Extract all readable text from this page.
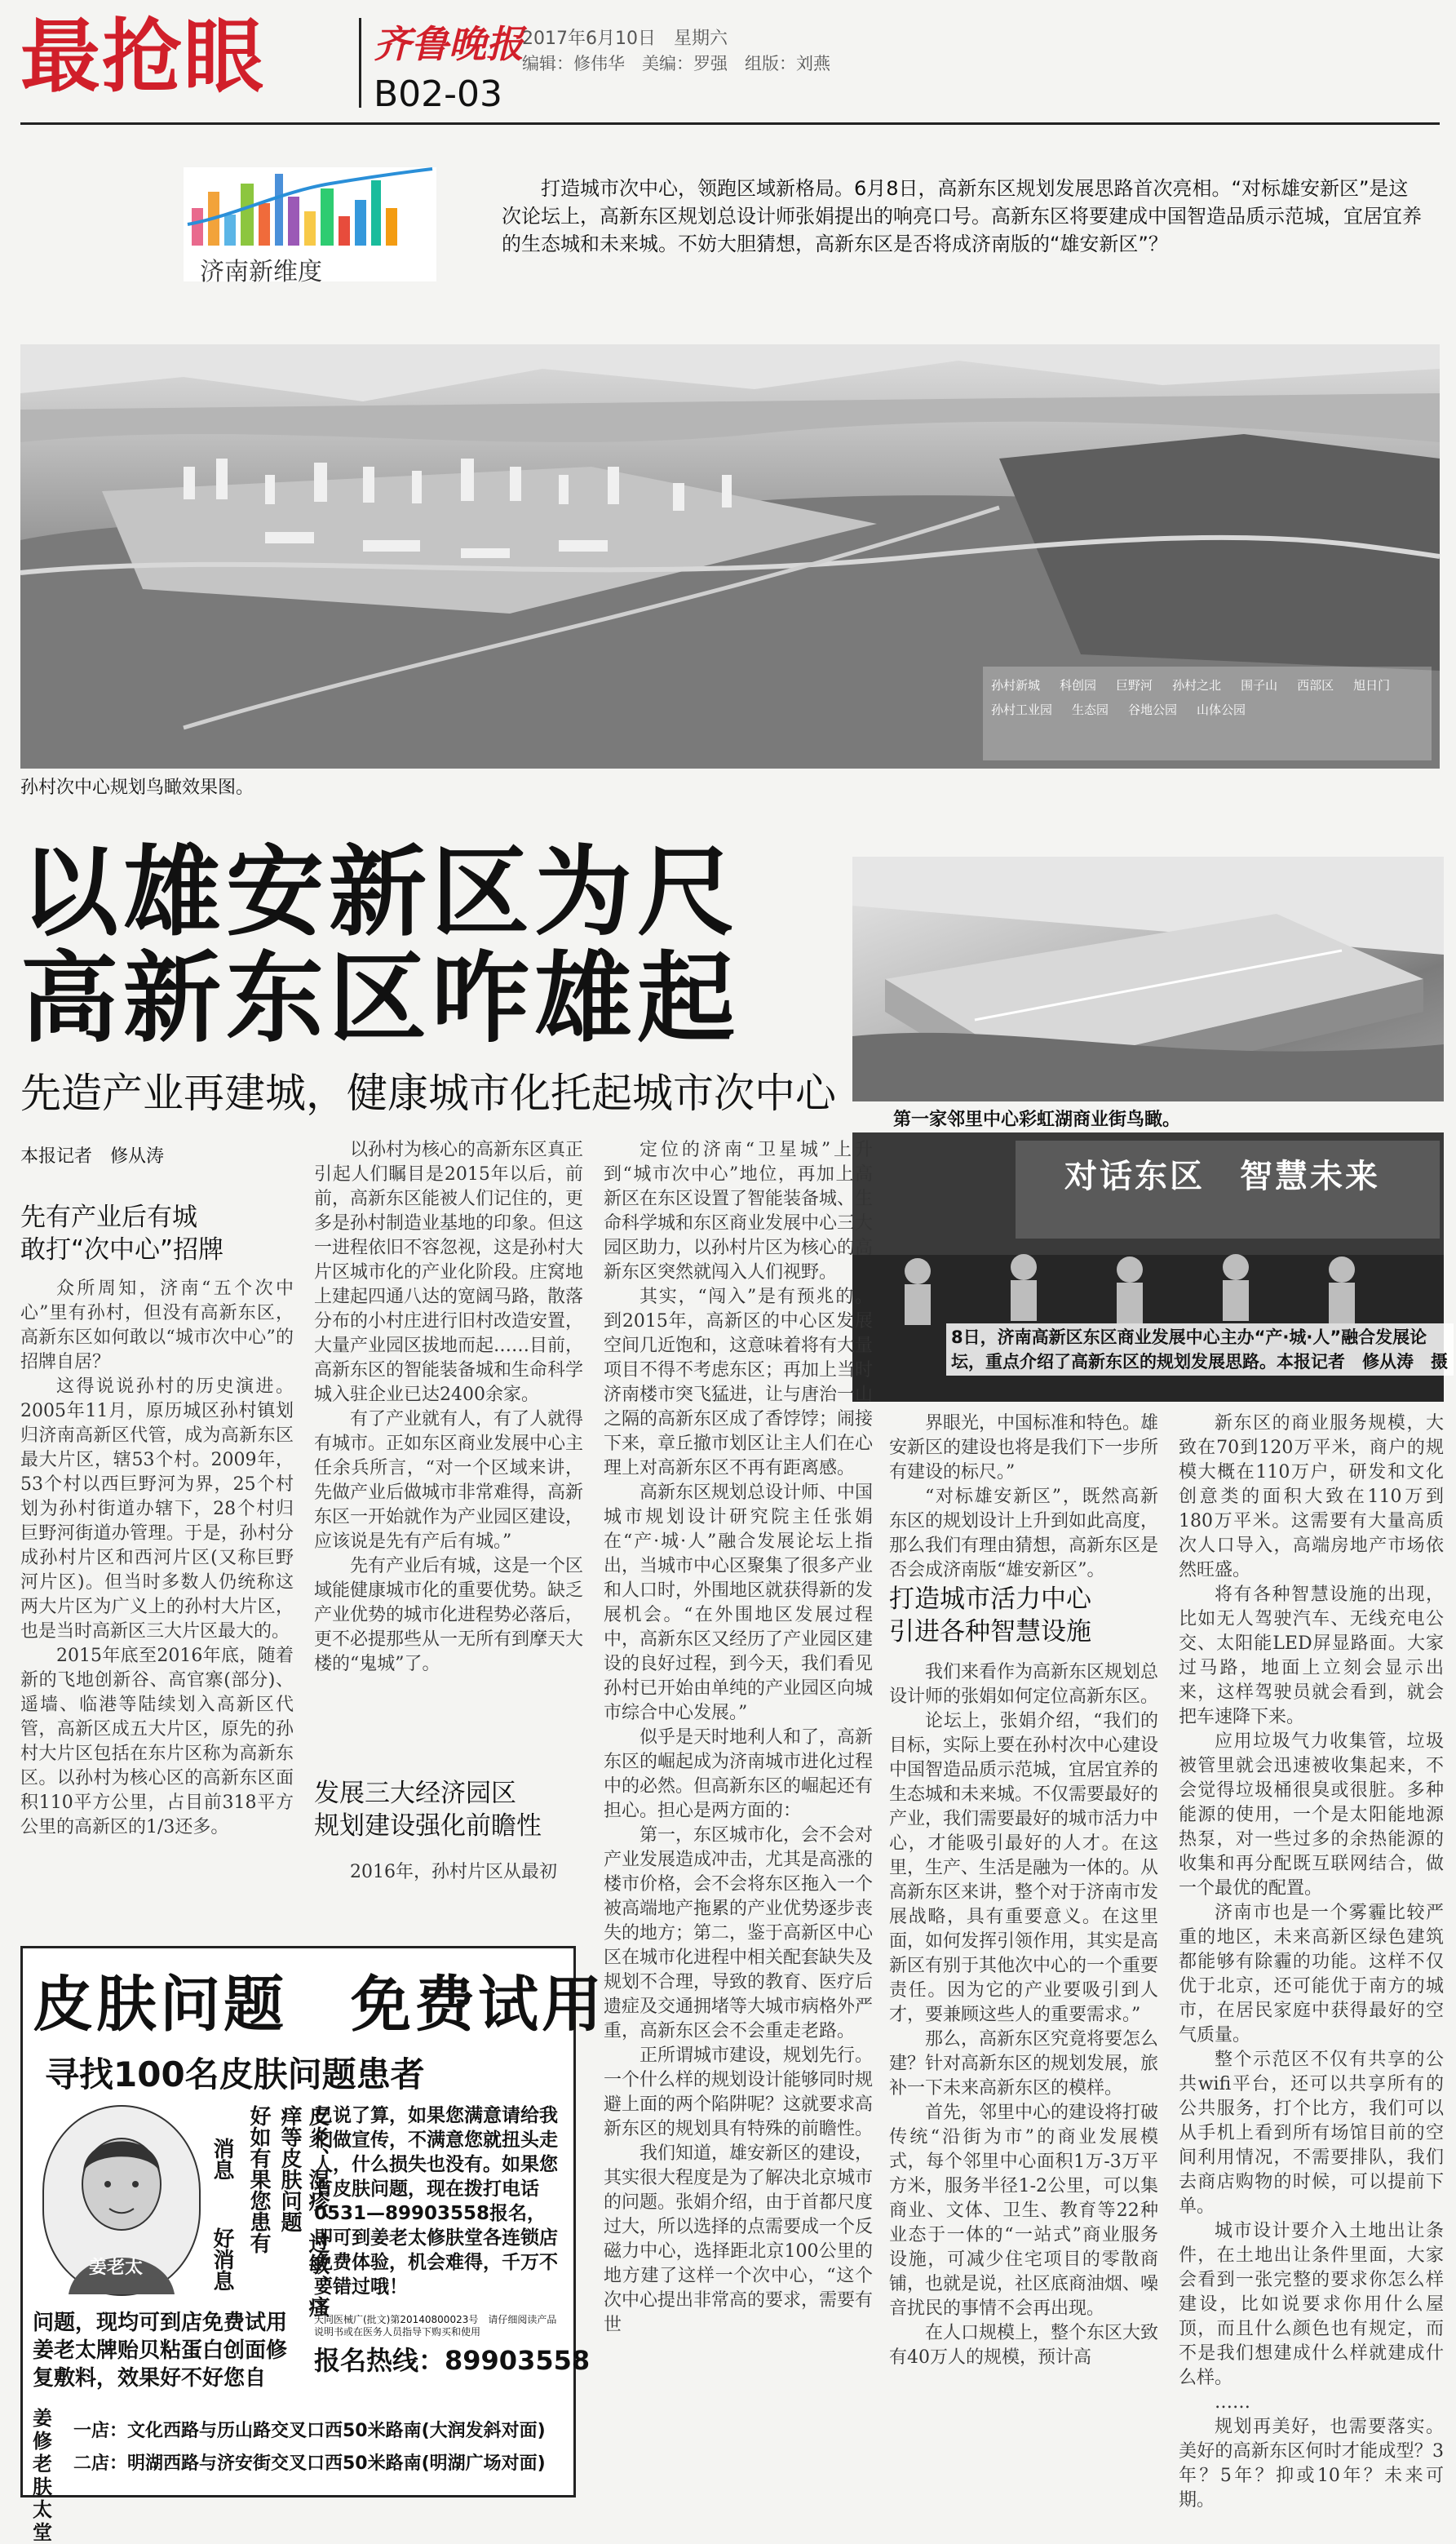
最抢眼	齐鲁晚报
2017年6月10日　星期六
编辑：修伟华　美编：罗强　组版：刘燕
B02-03
济南新维度
打造城市次中心，领跑区域新格局。6月8日，高新东区规划发展思路首次亮相。“对标雄安新区”是这次论坛上，高新东区规划总设计师张娟提出的响亮口号。高新东区将要建成中国智造品质示范城，宜居宜养的生态城和未来城。不妨大胆猜想，高新东区是否将成济南版的“雄安新区”？
孙村新城 科创园 巨野河 孙村之北 围子山 西部区 旭日门
孙村工业园 生态园 谷地公园 山体公园
孙村次中心规划鸟瞰效果图。
以雄安新区为尺
高新东区咋雄起
先造产业再建城，健康城市化托起城市次中心
第一家邻里中心彩虹湖商业街鸟瞰。
对话东区　智慧未来
8日，济南高新区东区商业发展中心主办“产·城·人”融合发展论坛，重点介绍了高新东区的规划发展思路。本报记者　修从涛　摄
本报记者　修从涛
先有产业后有城
敢打“次中心”招牌
发展三大经济园区
规划建设强化前瞻性
打造城市活力中心
引进各种智慧设施

众所周知，济南“五个次中心”里有孙村，但没有高新东区，高新东区如何敢以“城市次中心”的招牌自居？

这得说说孙村的历史演进。2005年11月，原历城区孙村镇划归济南高新区代管，成为高新东区最大片区，辖53个村。2009年，53个村以西巨野河为界，25个村划为孙村街道办辖下，28个村归巨野河街道办管理。于是，孙村分成孙村片区和西河片区(又称巨野河片区)。但当时多数人仍统称这两大片区为广义上的孙村大片区，也是当时高新区三大片区最大的。

2015年底至2016年底，随着新的飞地创新谷、高官寨(部分)、遥墙、临港等陆续划入高新区代管，高新区成五大片区，原先的孙村大片区包括在东片区称为高新东区。以孙村为核心区的高新东区面积110平方公里，占目前318平方公里的高新区的1/3还多。

以孙村为核心的高新东区真正引起人们瞩目是2015年以后，前前，高新东区能被人们记住的，更多是孙村制造业基地的印象。但这一进程依旧不容忽视，这是孙村大片区城市化的产业化阶段。庄窝地上建起四通八达的宽阔马路，散落分布的小村庄进行旧村改造安置，大量产业园区拔地而起……目前，高新东区的智能装备城和生命科学城入驻企业已达2400余家。

有了产业就有人，有了人就得有城市。正如东区商业发展中心主任余兵所言，“对一个区域来讲，先做产业后做城市非常难得，高新东区一开始就作为产业园区建设，应该说是先有产后有城。”

先有产业后有城，这是一个区域能健康城市化的重要优势。缺乏产业优势的城市化进程势必落后，更不必提那些从一无所有到摩天大楼的“鬼城”了。

2016年，孙村片区从最初

定位的济南“卫星城”上升到“城市次中心”地位，再加上高新区在东区设置了智能装备城、生命科学城和东区商业发展中心三大园区助力，以孙村片区为核心的高新东区突然就闯入人们视野。

其实，“闯入”是有预兆的。到2015年，高新区的中心区发展空间几近饱和，这意味着将有大量项目不得不考虑东区；再加上当时济南楼市突飞猛进，让与唐治一山之隔的高新东区成了香饽饽；闹接下来，章丘撤市划区让主人们在心理上对高新东区不再有距离感。

高新东区规划总设计师、中国城市规划设计研究院主任张娟在“产·城·人”融合发展论坛上指出，当城市中心区聚集了很多产业和人口时，外围地区就获得新的发展机会。“在外围地区发展过程中，高新东区又经历了产业园区建设的良好过程，到今天，我们看见孙村已开始由单纯的产业园区向城市综合中心发展。”

似乎是天时地利人和了，高新东区的崛起成为济南城市进化过程中的必然。但高新东区的崛起还有担心。担心是两方面的：

第一，东区城市化，会不会对产业发展造成冲击，尤其是高涨的楼市价格，会不会将东区拖入一个被高端地产拖累的产业优势逐步丧失的地方；第二，鉴于高新区中心区在城市化进程中相关配套缺失及规划不合理，导致的教育、医疗后遗症及交通拥堵等大城市病格外严重，高新东区会不会重走老路。

正所谓城市建设，规划先行。一个什么样的规划设计能够同时规避上面的两个陷阱呢？这就要求高新东区的规划具有特殊的前瞻性。

我们知道，雄安新区的建设，其实很大程度是为了解决北京城市的问题。张娟介绍，由于首都尺度过大，所以选择的点需要成一个反磁力中心，选择距北京100公里的地方建了这样一个次中心，“这个次中心提出非常高的要求，需要有世

界眼光，中国标准和特色。雄安新区的建设也将是我们下一步所有建设的标尺。”

“对标雄安新区”，既然高新东区的规划设计上升到如此高度，那么我们有理由猜想，高新东区是否会成济南版“雄安新区”。

我们来看作为高新东区规划总设计师的张娟如何定位高新东区。

论坛上，张娟介绍，“我们的目标，实际上要在孙村次中心建设中国智造品质示范城，宜居宜养的生态城和未来城。不仅需要最好的产业，我们需要最好的城市活力中心，才能吸引最好的人才。在这里，生产、生活是融为一体的。从高新东区来讲，整个对于济南市发展战略，具有重要意义。在这里面，如何发挥引领作用，其实是高新区有别于其他次中心的一个重要责任。因为它的产业要吸引到人才，要兼顾这些人的重要需求。”

那么，高新东区究竟将要怎么建？针对高新东区的规划发展，旅补一下未来高新东区的模样。

首先，邻里中心的建设将打破传统“沿街为市”的商业发展模式，每个邻里中心面积1万-3万平方米，服务半径1-2公里，可以集商业、文体、卫生、教育等22种业态于一体的“一站式”商业服务设施，可减少住宅项目的零散商铺，也就是说，社区底商油烟、噪音扰民的事情不会再出现。

在人口规模上，整个东区大致有40万人的规模，预计高

新东区的商业服务规模，大致在70到120万平米，商户的规模大概在110万户，研发和文化创意类的面积大致在110万到180万平米。这需要有大量高质次人口导入，高端房地产市场依然旺盛。

将有各种智慧设施的出现，比如无人驾驶汽车、无线充电公交、太阳能LED屏显路面。大家过马路，地面上立刻会显示出来，这样驾驶员就会看到，就会把车速降下来。

应用垃圾气力收集管，垃圾被管里就会迅速被收集起来，不会觉得垃圾桶很臭或很脏。多种能源的使用，一个是太阳能地源热泵，对一些过多的余热能源的收集和再分配既互联网结合，做一个最优的配置。

济南市也是一个雾霾比较严重的地区，未来高新区绿色建筑都能够有除霾的功能。这样不仅优于北京，还可能优于南方的城市，在居民家庭中获得最好的空气质量。

整个示范区不仅有共享的公共wifi平台，还可以共享所有的公共服务，打个比方，我们可以从手机上看到所有场馆目前的空间利用情况，不需要排队，我们去商店购物的时候，可以提前下单。

城市设计要介入土地出让条件，在土地出让条件里面，大家会看到一张完整的要求你怎么样建设，比如说要求你用什么屋顶，而且什么颜色也有规定，而不是我们想建成什么样就建成什么样。

……

规划再美好，也需要落实。美好的高新东区何时才能成型？3年？5年？抑或10年？未来可期。

皮肤问题　免费试用
寻找100名皮肤问题患者
姜老太
消息
好消息
好如有果您患有	皮炎、湿疹、过敏、瘙痒等皮肤问题 已说了算，如果您满意请给我们做宣传，不满意您就扭头走人，什么损失也没有。如果您有皮肤问题，现在拨打电话0531—89903558报名，即可到姜老太修肤堂各连锁店免费体验，机会难得，千万不要错过哦！
天同医械广(批文)第20140800023号　请仔细阅读产品说明书或在医务人员指导下购买和使用
报名热线：89903558
问题，现均可到店免费试用姜老太牌贻贝粘蛋白创面修复敷料，效果好不好您自
姜修老肤太堂
一店：文化西路与历山路交叉口西50米路南(大润发斜对面)
二店：明湖西路与济安街交叉口西50米路南(明湖广场对面)
